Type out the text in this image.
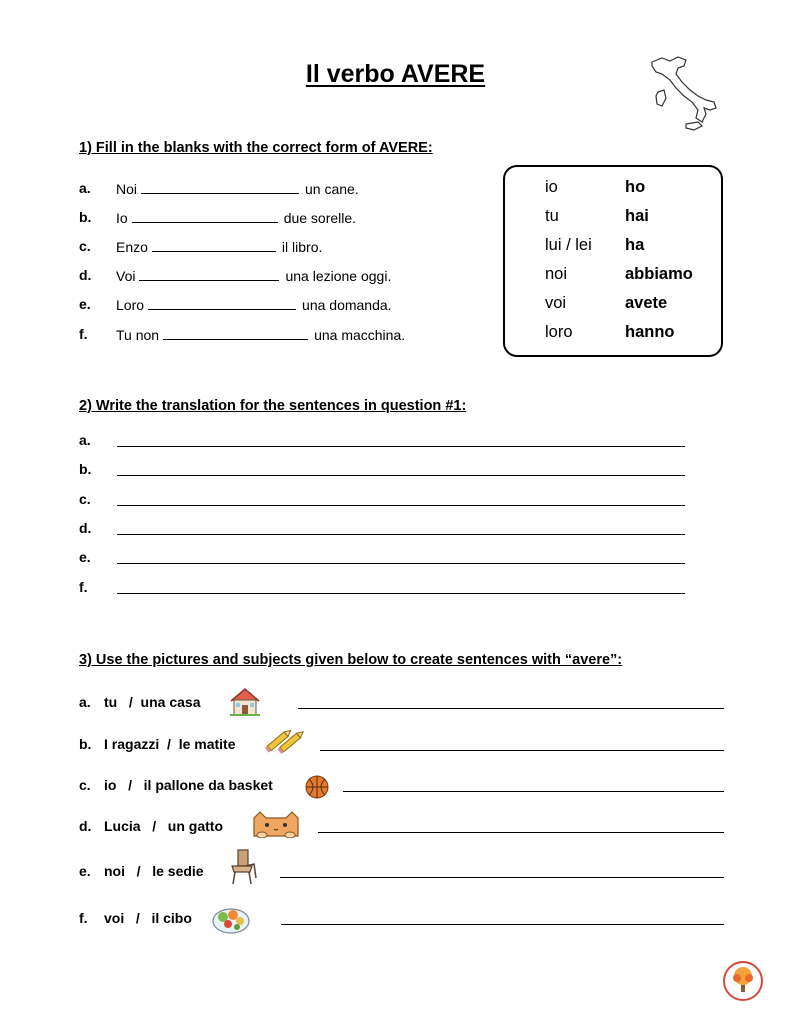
Il verbo AVERE
1) Fill in the blanks with the correct form of AVERE:
a. Noi	un cane.
b. Io	due sorelle.
c. Enzo	il libro.
d. Voi	una lezione oggi.
e. Loro	una domanda.
f. Tu non	una macchina.
io	ho
tu	hai
lui / lei ha
noi	abbiamo
voi	avete
loro	hanno
2) Write the translation for the sentences in question #1:
a.
b.
c.
d.
e.
f.
3) Use the pictures and subjects given below to create sentences with “avere”:
a. tu   /  una casa
b. I ragazzi  /  le matite
c. io   /   il pallone da basket
d. Lucia   /   un gatto
e. noi   /   le sedie
f. voi   /   il cibo
